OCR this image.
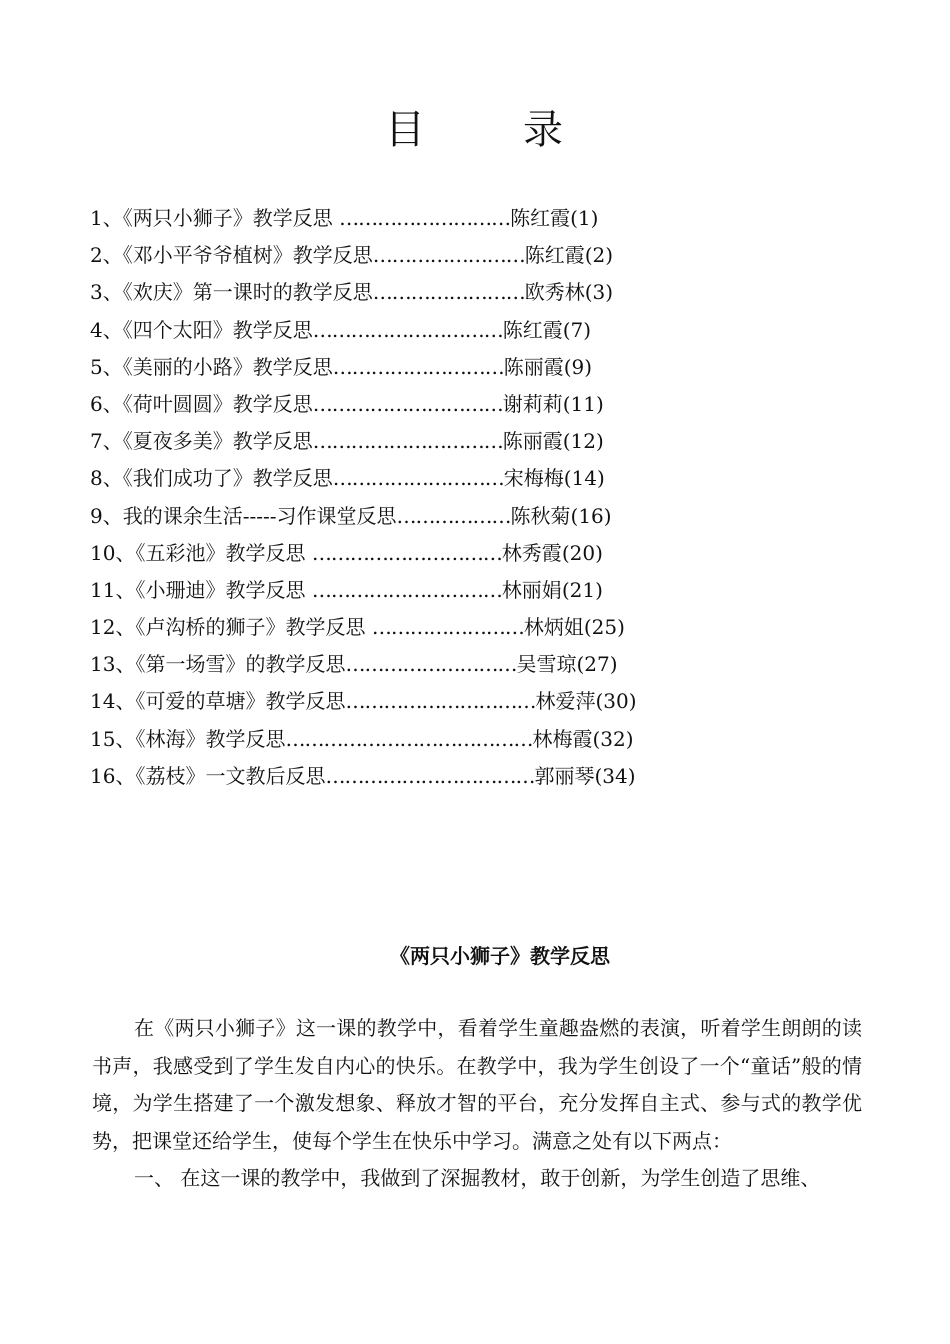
目 录
1、《两只小狮子》教学反思 ………………………陈红霞(1)
2、《邓小平爷爷植树》教学反思……………………陈红霞(2)
3、《欢庆》第一课时的教学反思……………………欧秀林(3)
4、《四个太阳》教学反思…………………………陈红霞(7)
5、《美丽的小路》教学反思………………………陈丽霞(9)
6、《荷叶圆圆》教学反思…………………………谢莉莉(11)
7、《夏夜多美》教学反思…………………………陈丽霞(12)
8、《我们成功了》教学反思………………………宋梅梅(14)
9、我的课余生活-----习作课堂反思………………陈秋菊(16)
10、《五彩池》教学反思 …………………………林秀霞(20)
11、《小珊迪》教学反思 …………………………林丽娟(21)
12、《卢沟桥的狮子》教学反思 ……………………林炳姐(25)
13、《第一场雪》的教学反思………………………吴雪琼(27)
14、《可爱的草塘》教学反思…………………………林爱萍(30)
15、《林海》教学反思…………………………………林梅霞(32)
16、《荔枝》一文教后反思……………………………郭丽琴(34)
《两只小狮子》教学反思

在《两只小狮子》这一课的教学中，看着学生童趣盎燃的表演，听着学生朗朗的读书声，我感受到了学生发自内心的快乐。在教学中，我为学生创设了一个“童话”般的情境，为学生搭建了一个激发想象、释放才智的平台，充分发挥自主式、参与式的教学优势，把课堂还给学生，使每个学生在快乐中学习。满意之处有以下两点：

一、 在这一课的教学中，我做到了深掘教材，敢于创新，为学生创造了思维、
